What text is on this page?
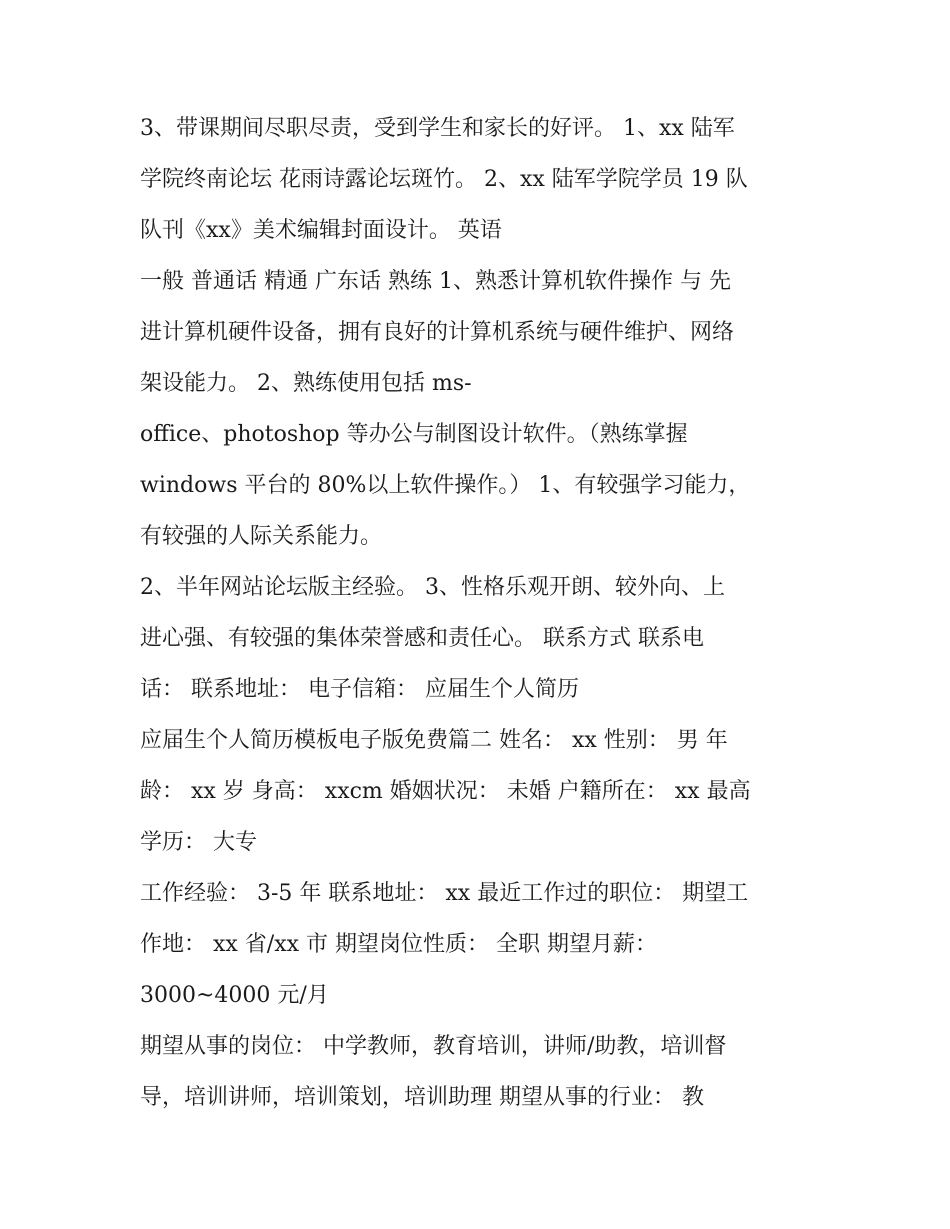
3、带课期间尽职尽责，受到学生和家长的好评。 1、xx 陆军
学院终南论坛 花雨诗露论坛斑竹。 2、xx 陆军学院学员 19 队
队刊《xx》美术编辑封面设计。 英语
一般 普通话 精通 广东话 熟练 1、熟悉计算机软件操作 与 先
进计算机硬件设备，拥有良好的计算机系统与硬件维护、网络
架设能力。 2、熟练使用包括 ms-
office、photoshop 等办公与制图设计软件。（熟练掌握
windows 平台的 80%以上软件操作。） 1、有较强学习能力，
有较强的人际关系能力。
2、半年网站论坛版主经验。 3、性格乐观开朗、较外向、上
进心强、有较强的集体荣誉感和责任心。 联系方式 联系电
话： 联系地址： 电子信箱： 应届生个人简历
应届生个人简历模板电子版免费篇二 姓名： xx 性别： 男 年
龄： xx 岁 身高： xxcm 婚姻状况： 未婚 户籍所在： xx 最高
学历： 大专
工作经验： 3-5 年 联系地址： xx 最近工作过的职位： 期望工
作地： xx 省/xx 市 期望岗位性质： 全职 期望月薪：
3000~4000 元/月
期望从事的岗位： 中学教师，教育培训，讲师/助教，培训督
导，培训讲师，培训策划，培训助理 期望从事的行业： 教
